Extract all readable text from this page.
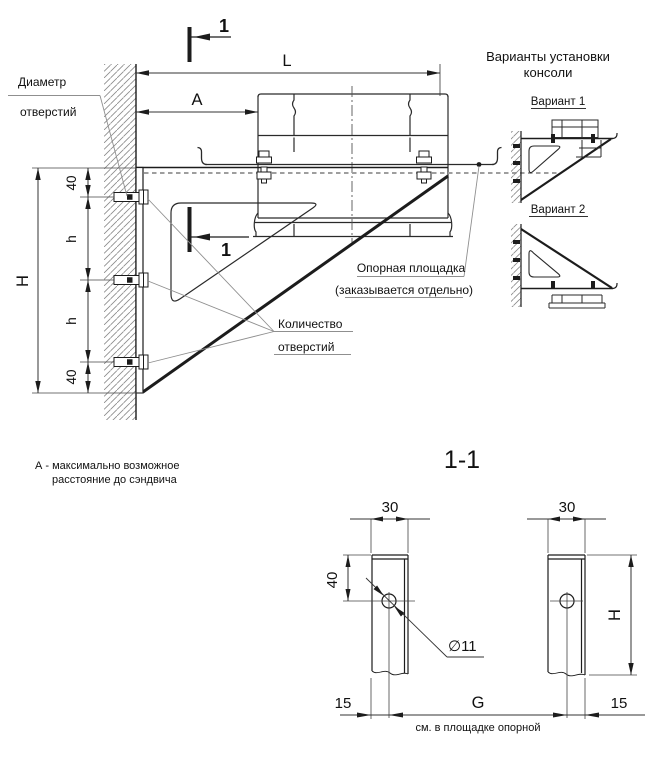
1
1
L
A
H
40
h
h
40
Диаметр
отверстий
Количество
отверстий
Опорная площадка
(заказывается отдельно)
А - максимально возможное
расстояние до сэндвича
Варианты установки
консоли
Вариант 1
Вариант 2
1-1
30	30
40
∅11
H
15	G	15
см. в площадке опорной
